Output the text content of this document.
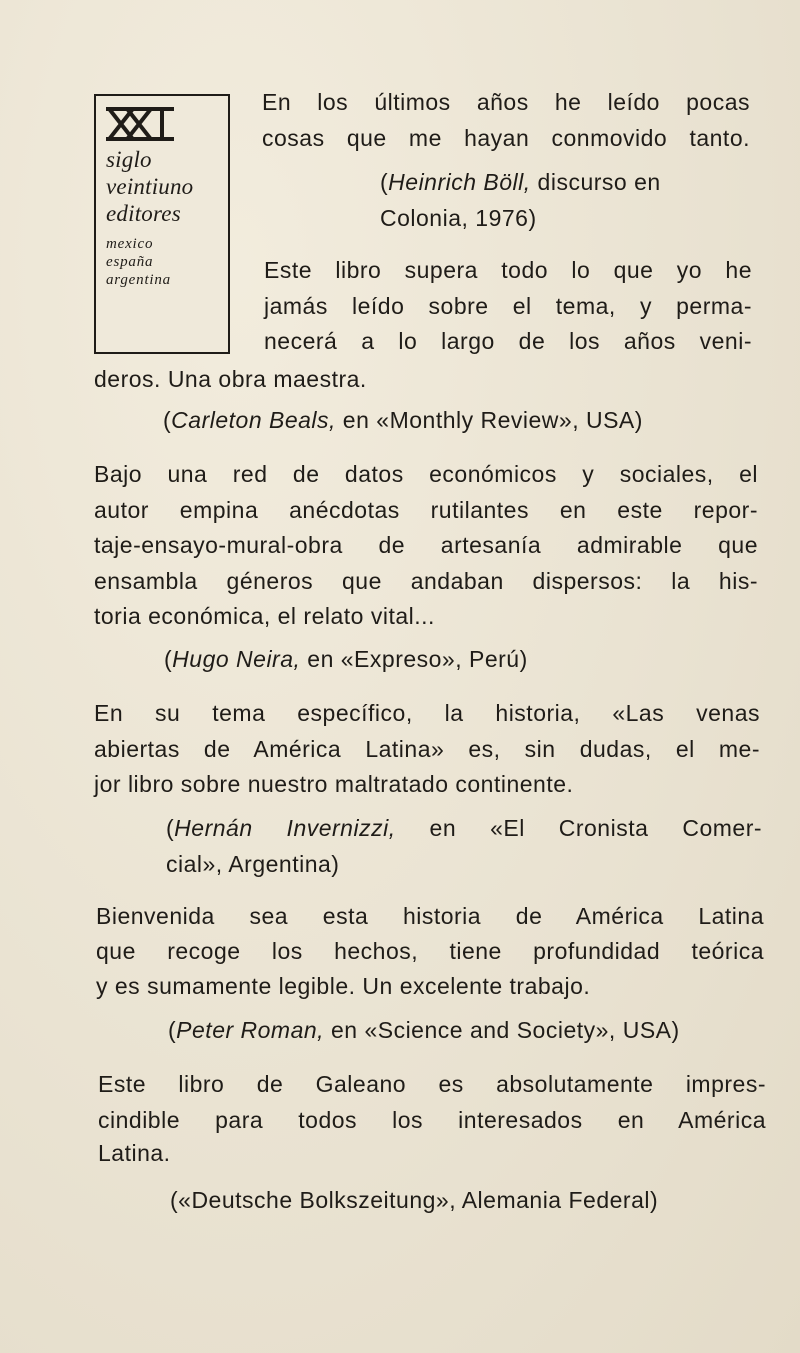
siglo
veintiuno
editores
mexico
españa
argentina
En los últimos años he leído pocas
cosas que me hayan conmovido tanto.
(Heinrich Böll, discurso en
Colonia, 1976)
Este libro supera todo lo que yo he
jamás leído sobre el tema, y perma-
necerá a lo largo de los años veni-
deros. Una obra maestra.
(Carleton Beals, en «Monthly Review», USA)
Bajo una red de datos económicos y sociales, el
autor empina anécdotas rutilantes en este repor-
taje-ensayo-mural-obra de artesanía admirable que
ensambla géneros que andaban dispersos: la his-
toria económica, el relato vital...
(Hugo Neira, en «Expreso», Perú)
En su tema específico, la historia, «Las venas
abiertas de América Latina» es, sin dudas, el me-
jor libro sobre nuestro maltratado continente.
(Hernán Invernizzi, en «El Cronista Comer-
cial», Argentina)
Bienvenida sea esta historia de América Latina
que recoge los hechos, tiene profundidad teórica
y es sumamente legible. Un excelente trabajo.
(Peter Roman, en «Science and Society», USA)
Este libro de Galeano es absolutamente impres-
cindible para todos los interesados en América
Latina.
(«Deutsche Bolkszeitung», Alemania Federal)
